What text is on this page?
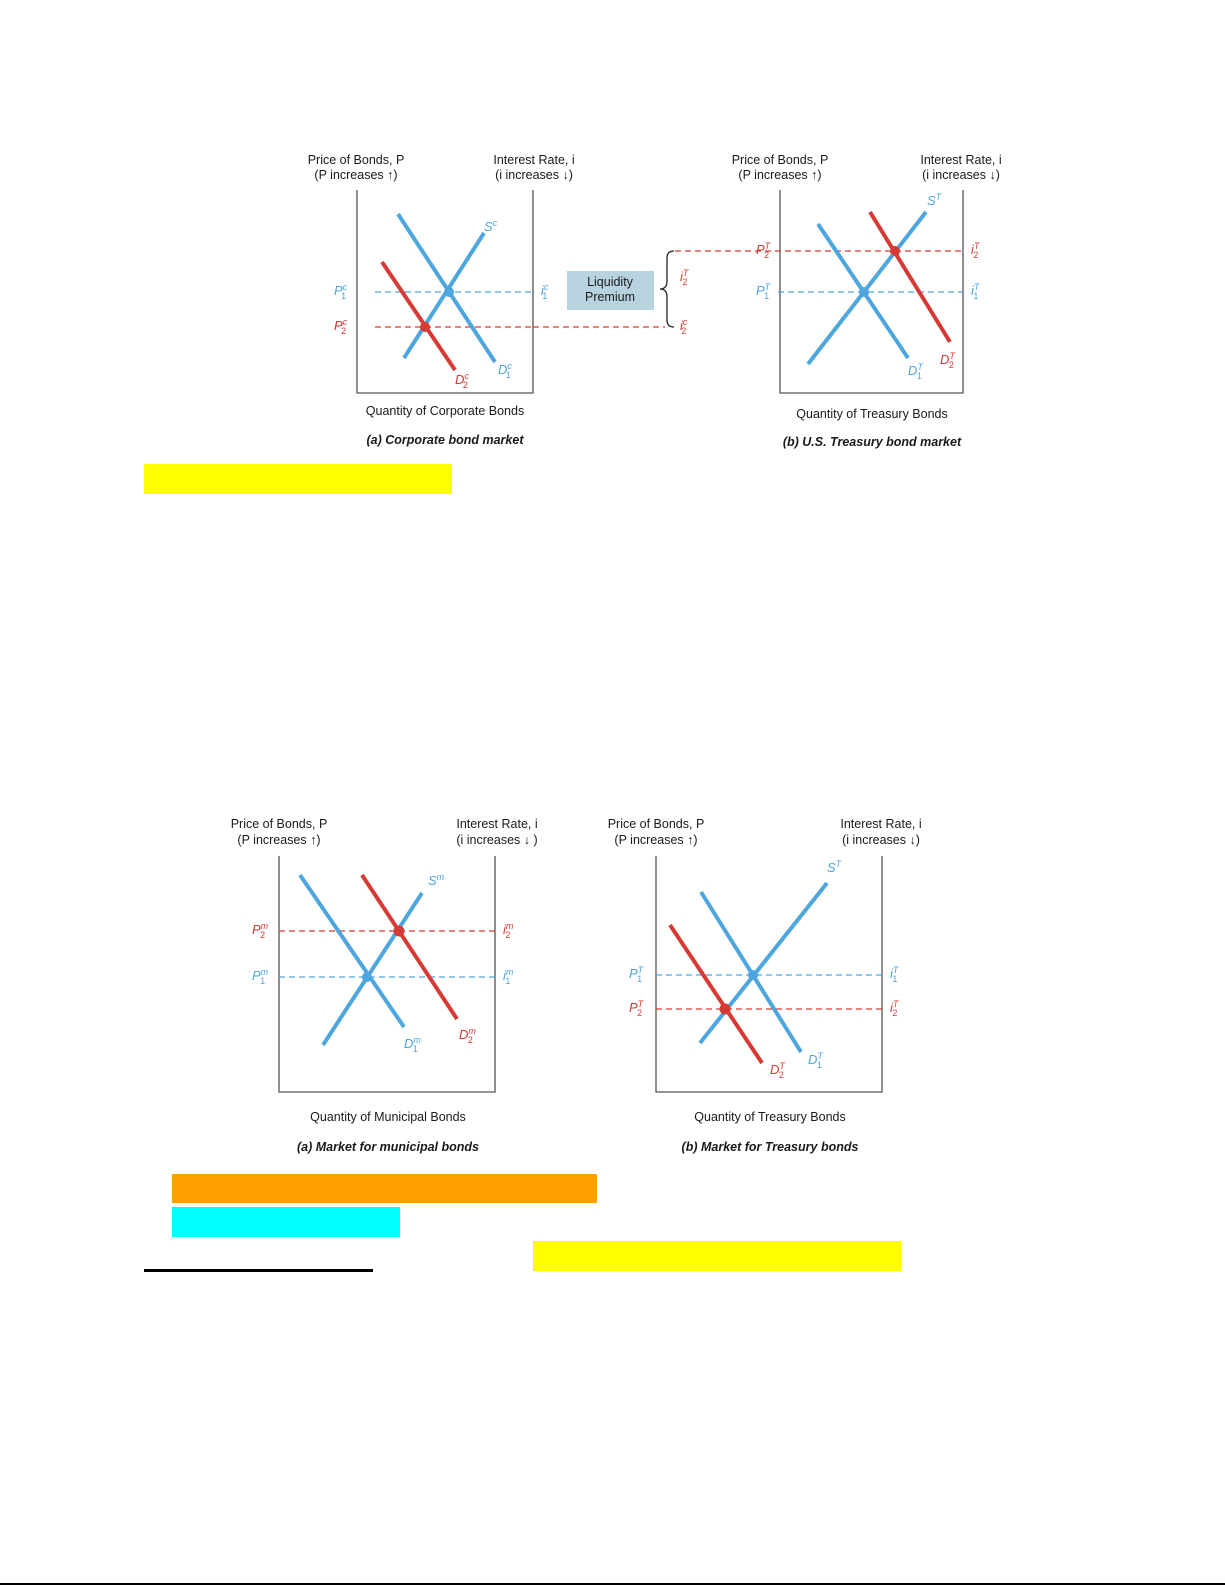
Price of Bonds, P
(P increases ↑)
Interest Rate, i
(i increases ↓)
$S^c$
$D^c$ 1
$D^c$ 2
$P^c$ 1
$P^c$ 2
$i^c$ 1
Quantity of Corporate Bonds
(a) Corporate bond market
Liquidity
Premium
$i^T$ 2
$i^c$ 2
Price of Bonds, P
(P increases ↑)
Interest Rate, i
(i increases ↓)
$S^T$
$D^T$ 1
$D^T$ 2
$P^T$ 2
$P^T$ 1
$i^T$ 2
$i^T$ 1
Quantity of Treasury Bonds
(b) U.S. Treasury bond market
Price of Bonds, P
(P increases ↑)
Interest Rate, i
(i increases ↓ )
$S^m$
$D^m$ 1
$D^m$ 2
$P^m$ 2
$P^m$ 1
$i^m$ 2
$i^m$ 1
Quantity of Municipal Bonds
(a) Market for municipal bonds
Price of Bonds, P
(P increases ↑)
Interest Rate, i
(i increases ↓)
$S^T$
$D^T$ 1
$D^T$ 2
$P^T$ 1
$P^T$ 2
$i^T$ 1
$i^T$ 2
Quantity of Treasury Bonds
(b) Market for Treasury bonds
